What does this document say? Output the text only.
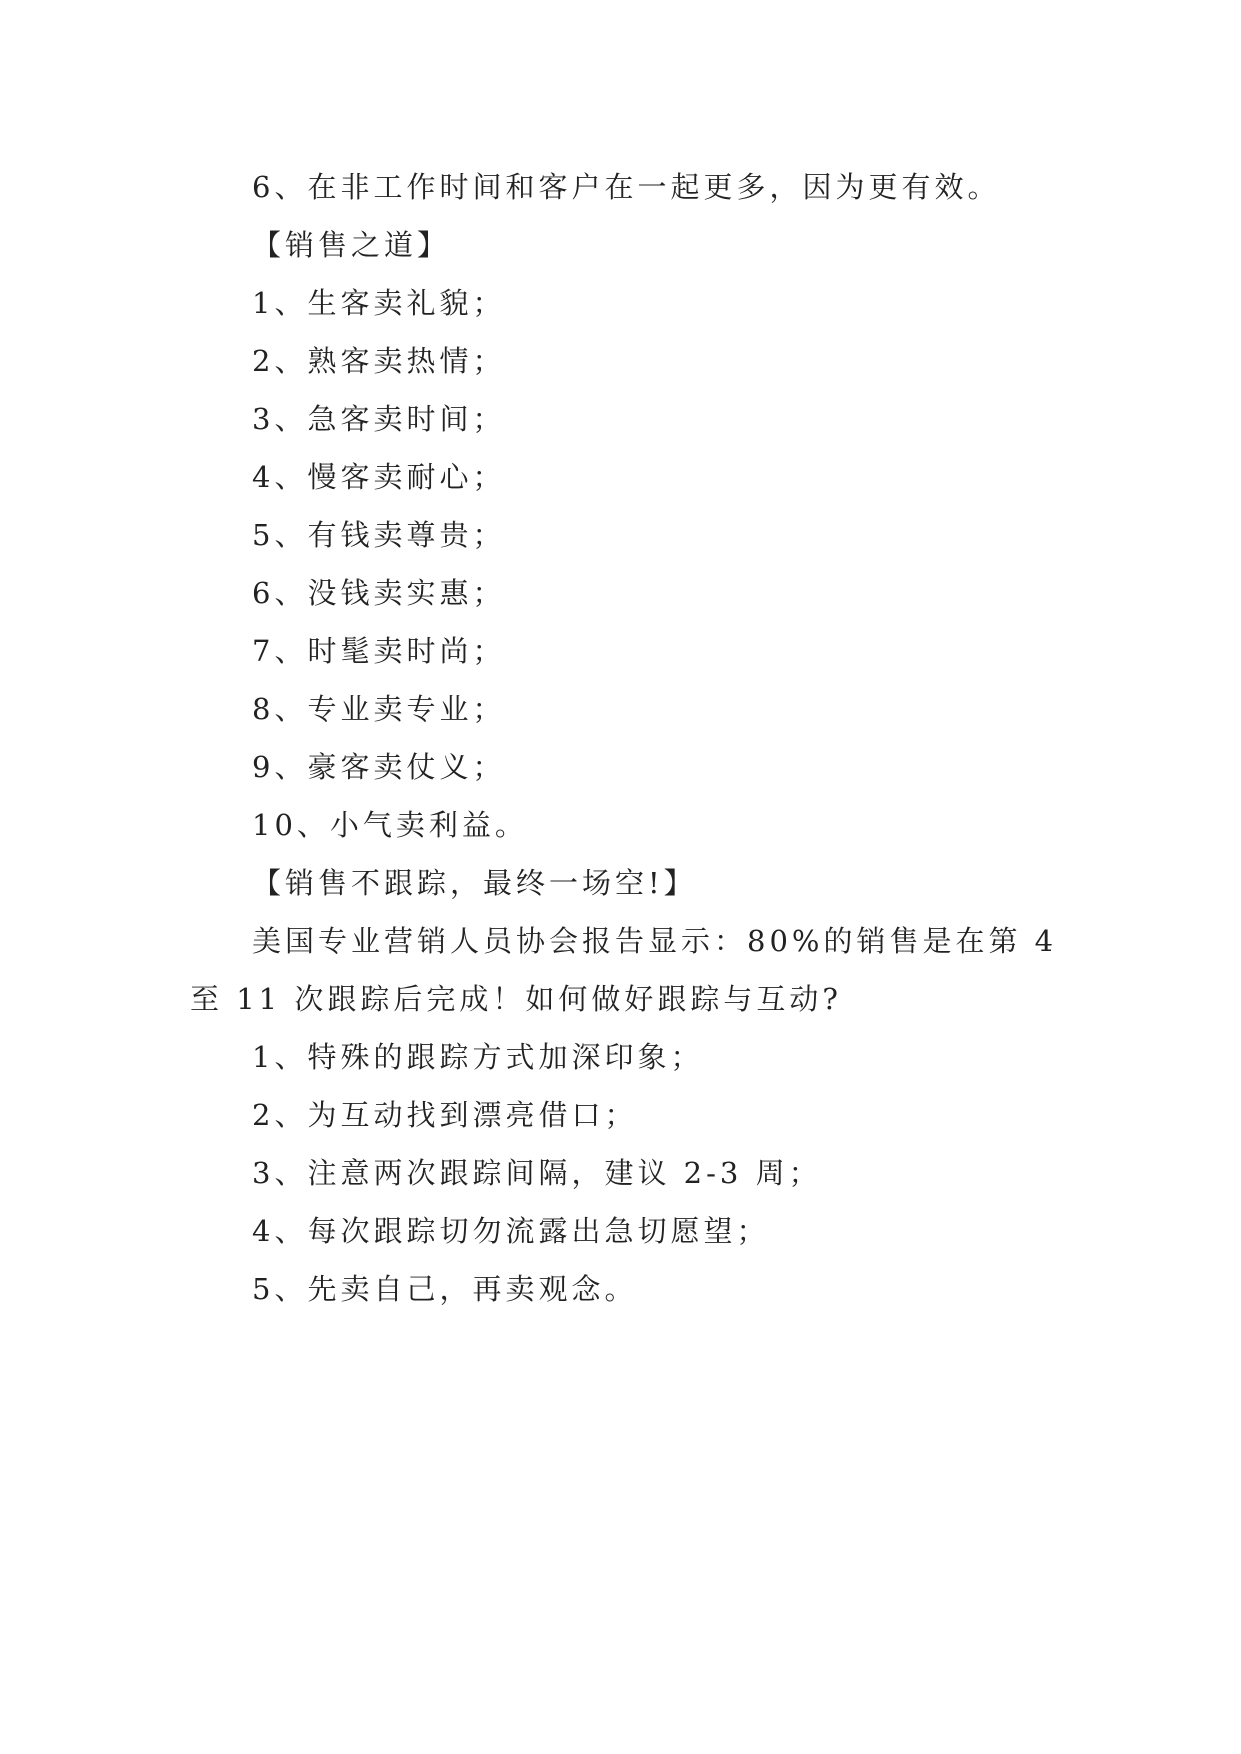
6、在非工作时间和客户在一起更多，因为更有效。
【销售之道】
1、生客卖礼貌；
2、熟客卖热情；
3、急客卖时间；
4、慢客卖耐心；
5、有钱卖尊贵；
6、没钱卖实惠；
7、时髦卖时尚；
8、专业卖专业；
9、豪客卖仗义；
10、小气卖利益。
【销售不跟踪，最终一场空!】
美国专业营销人员协会报告显示：80%的销售是在第 4
至 11 次跟踪后完成！如何做好跟踪与互动?
1、特殊的跟踪方式加深印象；
2、为互动找到漂亮借口；
3、注意两次跟踪间隔，建议 2-3 周；
4、每次跟踪切勿流露出急切愿望；
5、先卖自己，再卖观念。
